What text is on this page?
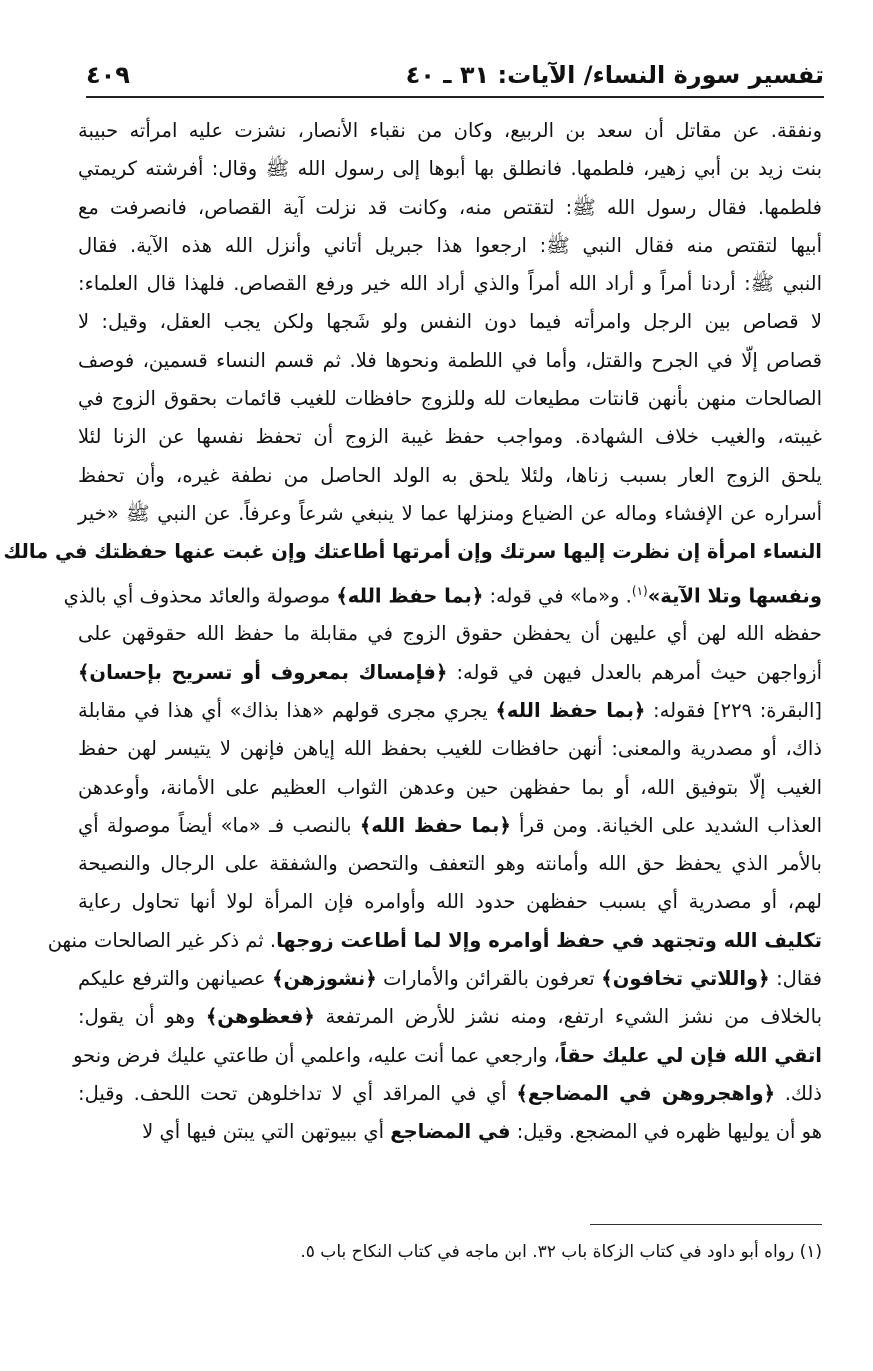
تفسير سورة النساء/ الآيات: ٣١ ـ ٤٠
٤٠٩
ونفقة. عن مقاتل أن سعد بن الربيع، وكان من نقباء الأنصار، نشزت عليه امرأته حبيبة
بنت زيد بن أبي زهير، فلطمها. فانطلق بها أبوها إلى رسول الله ﷺ وقال: أفرشته كريمتي
فلطمها. فقال رسول الله ﷺ: لتقتص منه، وكانت قد نزلت آية القصاص، فانصرفت مع
أبيها لتقتص منه فقال النبي ﷺ: ارجعوا هذا جبريل أتاني وأنزل الله هذه الآية. فقال
النبي ﷺ: أردنا أمراً و أراد الله أمراً والذي أراد الله خير ورفع القصاص. فلهذا قال العلماء:
لا قصاص بين الرجل وامرأته فيما دون النفس ولو شَجها ولكن يجب العقل، وقيل: لا
قصاص إلّا في الجرح والقتل، وأما في اللطمة ونحوها فلا. ثم قسم النساء قسمين، فوصف
الصالحات منهن بأنهن قانتات مطيعات لله وللزوج حافظات للغيب قائمات بحقوق الزوج في
غيبته، والغيب خلاف الشهادة. ومواجب حفظ غيبة الزوج أن تحفظ نفسها عن الزنا لئلا
يلحق الزوج العار بسبب زناها، ولئلا يلحق به الولد الحاصل من نطفة غيره، وأن تحفظ
أسراره عن الإفشاء وماله عن الضياع ومنزلها عما لا ينبغي شرعاً وعرفاً. عن النبي ﷺ «خير
النساء امرأة إن نظرت إليها سرتك وإن أمرتها أطاعتك وإن غبت عنها حفظتك في مالك
ونفسها وتلا الآية»$^{(١)}$. و«ما» في قوله: ﴿بما حفظ الله﴾ موصولة والعائد محذوف أي بالذي
حفظه الله لهن أي عليهن أن يحفظن حقوق الزوج في مقابلة ما حفظ الله حقوقهن على
أزواجهن حيث أمرهم بالعدل فيهن في قوله: ﴿فإمساك بمعروف أو تسريح بإحسان﴾
[البقرة: ٢٢٩] فقوله: ﴿بما حفظ الله﴾ يجري مجرى قولهم «هذا بذاك» أي هذا في مقابلة
ذاك، أو مصدرية والمعنى: أنهن حافظات للغيب بحفظ الله إياهن فإنهن لا يتيسر لهن حفظ
الغيب إلّا بتوفيق الله، أو بما حفظهن حين وعدهن الثواب العظيم على الأمانة، وأوعدهن
العذاب الشديد على الخيانة. ومن قرأ ﴿بما حفظ الله﴾ بالنصب فـ «ما» أيضاً موصولة أي
بالأمر الذي يحفظ حق الله وأمانته وهو التعفف والتحصن والشفقة على الرجال والنصيحة
لهم، أو مصدرية أي بسبب حفظهن حدود الله وأوامره فإن المرأة لولا أنها تحاول رعاية
تكليف الله وتجتهد في حفظ أوامره وإلا لما أطاعت زوجها. ثم ذكر غير الصالحات منهن
فقال: ﴿واللاتي تخافون﴾ تعرفون بالقرائن والأمارات ﴿نشوزهن﴾ عصيانهن والترفع عليكم
بالخلاف من نشز الشيء ارتفع، ومنه نشز للأرض المرتفعة ﴿فعظوهن﴾ وهو أن يقول:
اتقي الله فإن لي عليك حقاً، وارجعي عما أنت عليه، واعلمي أن طاعتي عليك فرض ونحو
ذلك. ﴿واهجروهن في المضاجع﴾ أي في المراقد أي لا تداخلوهن تحت اللحف. وقيل:
هو أن يوليها ظهره في المضجع. وقيل: في المضاجع أي ببيوتهن التي يبتن فيها أي لا
(١) رواه أبو داود في كتاب الزكاة باب ٣٢. ابن ماجه في كتاب النكاح باب ٥.
